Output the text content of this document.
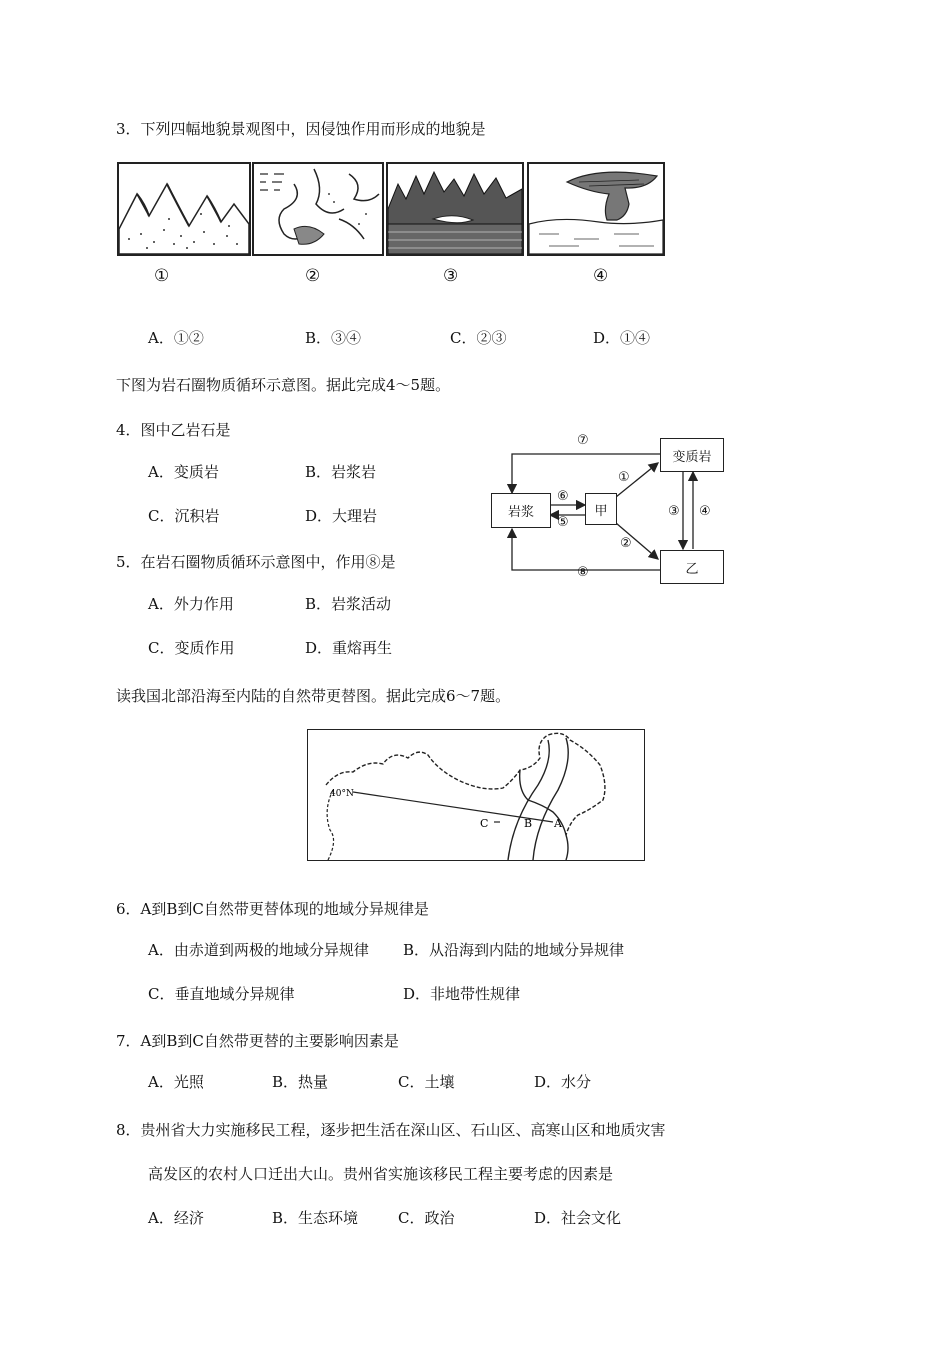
3．下列四幅地貌景观图中，因侵蚀作用而形成的地貌是
①	②	③	④
A．①②	B．③④	C．②③	D．①④
下图为岩石圈物质循环示意图。据此完成4～5题。
4．图中乙岩石是
A．变质岩	B．岩浆岩
C．沉积岩	D．大理岩
5．在岩石圈物质循环示意图中，作用⑧是
A．外力作用	B．岩浆活动
C．变质作用	D．重熔再生
岩浆	甲
变质岩
乙
⑦
⑧
⑥
⑤
①
②
③ ④
读我国北部沿海至内陆的自然带更替图。据此完成6～7题。
40°N
C	B A
6．A到B到C自然带更替体现的地域分异规律是
A．由赤道到两极的地域分异规律 B．从沿海到内陆的地域分异规律
C．垂直地域分异规律	D．非地带性规律
7．A到B到C自然带更替的主要影响因素是
A．光照	B．热量	C．土壤	D．水分
8．贵州省大力实施移民工程，逐步把生活在深山区、石山区、高寒山区和地质灾害
高发区的农村人口迁出大山。贵州省实施该移民工程主要考虑的因素是
A．经济	B．生态环境	C．政治	D．社会文化
